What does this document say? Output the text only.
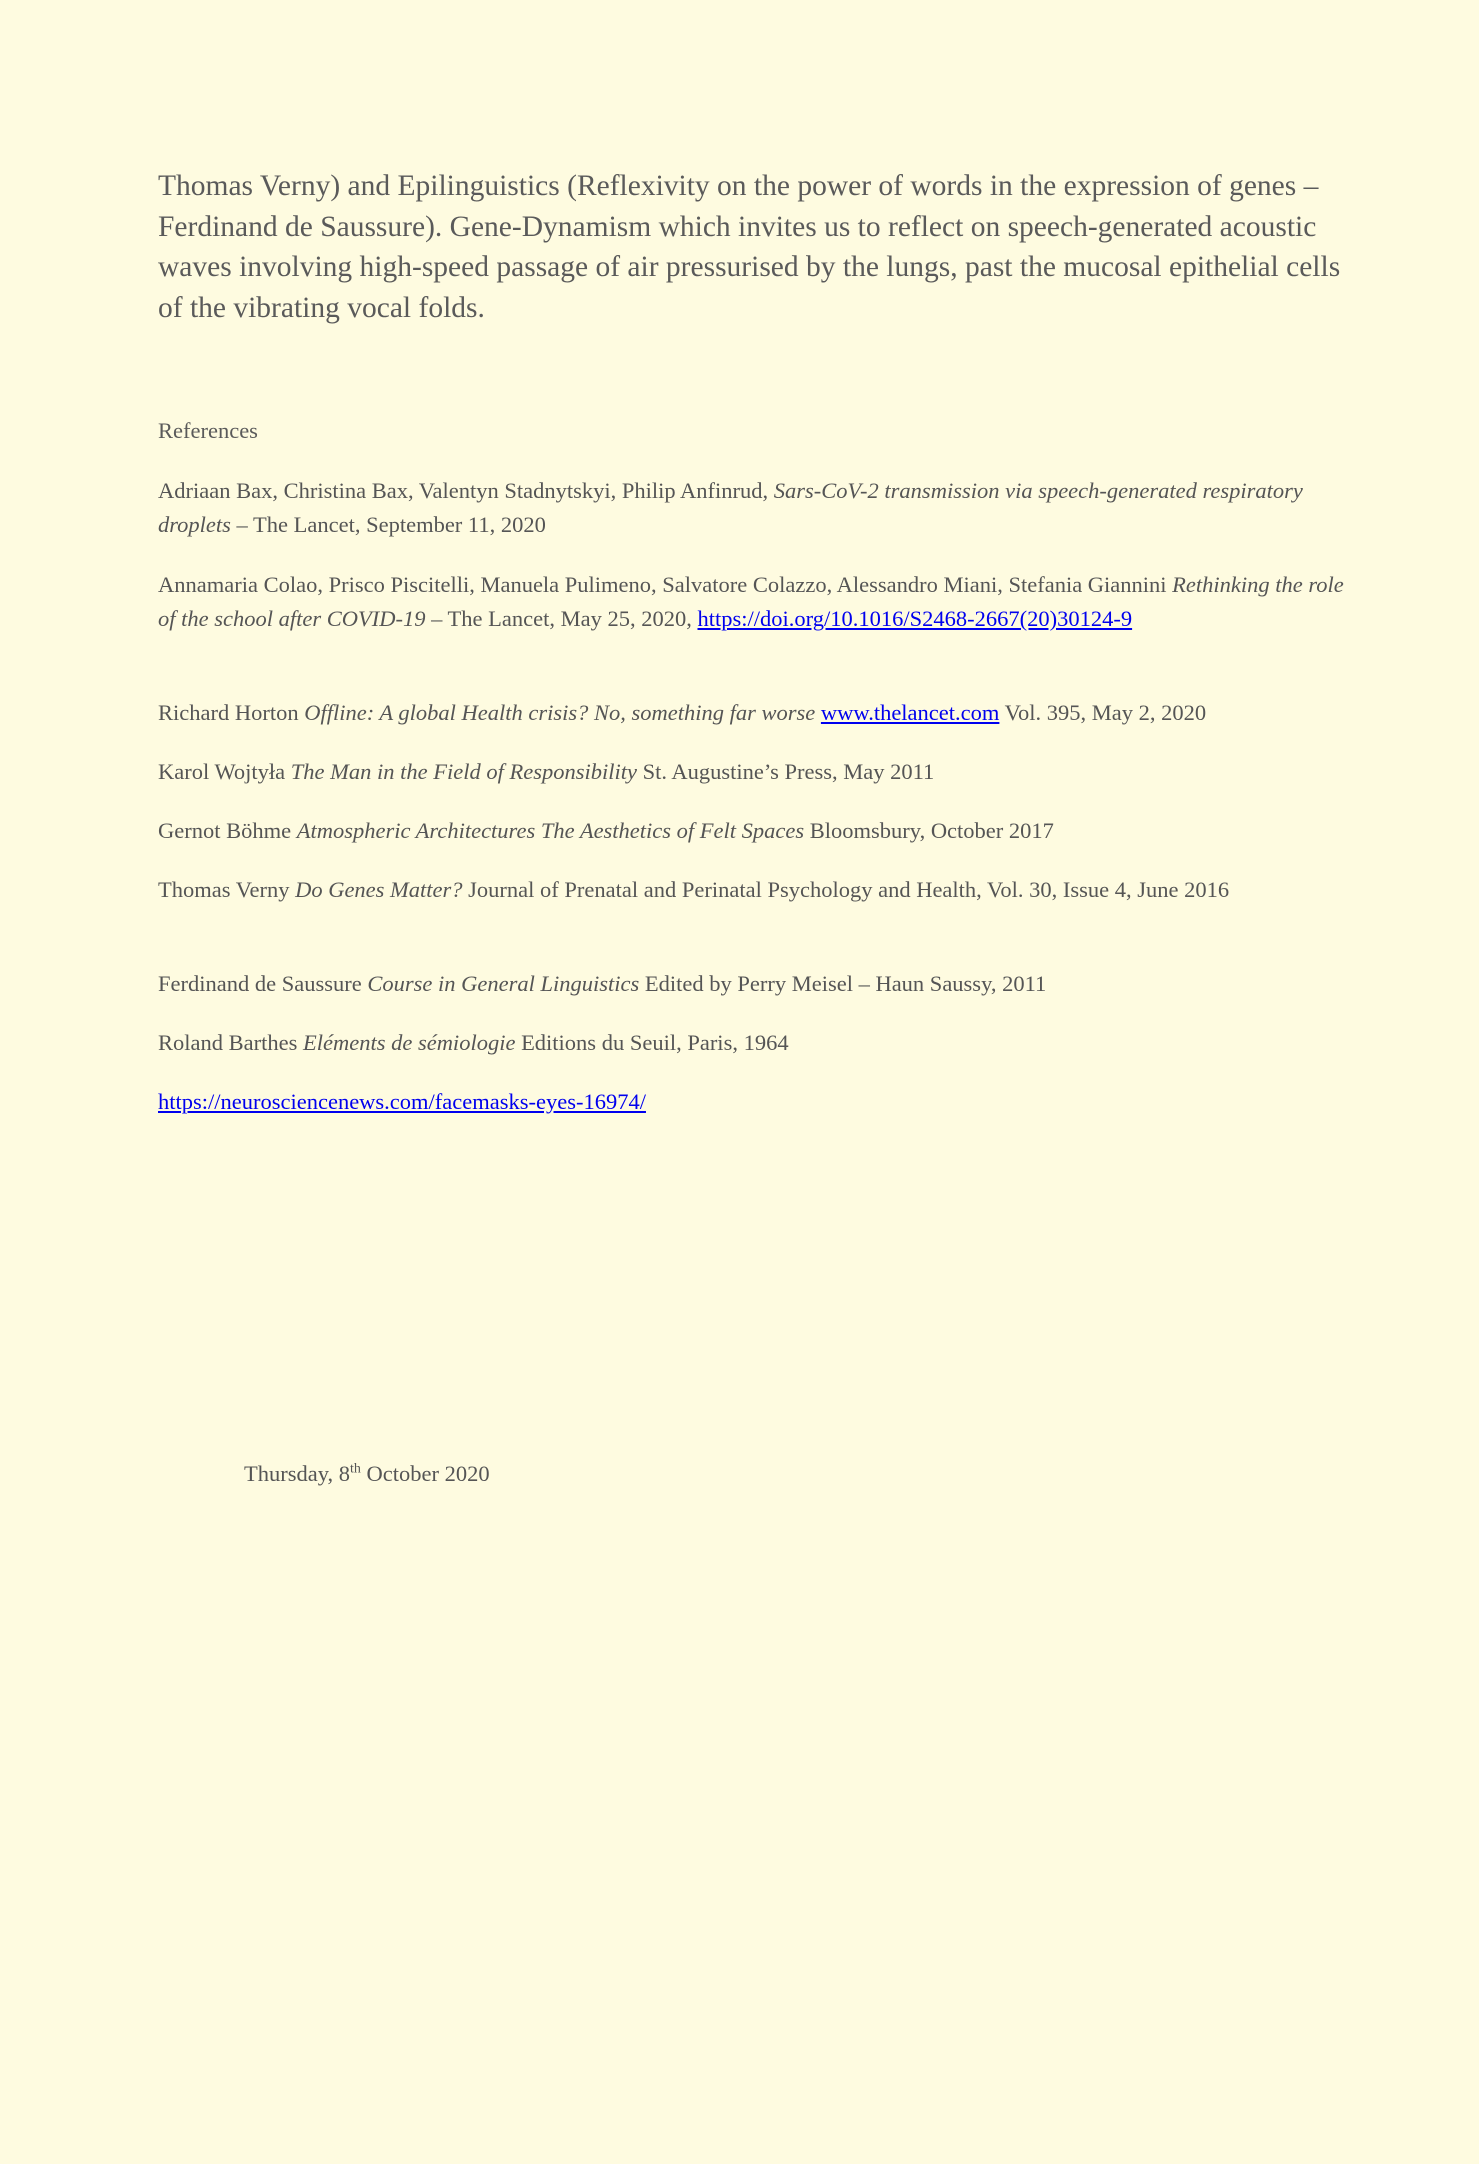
Thomas Verny) and Epilinguistics (Reflexivity on the power of words in the expression of genes – Ferdinand de Saussure). Gene-Dynamism which invites us to reflect on speech-generated acoustic waves involving high-speed passage of air pressurised by the lungs, past the mucosal epithelial cells of the vibrating vocal folds.

References

Adriaan Bax, Christina Bax, Valentyn Stadnytskyi, Philip Anfinrud, Sars-CoV-2 transmission via speech-generated respiratory droplets – The Lancet, September 11, 2020

Annamaria Colao, Prisco Piscitelli, Manuela Pulimeno, Salvatore Colazzo, Alessandro Miani, Stefania Giannini Rethinking the role of the school after COVID-19 – The Lancet, May 25, 2020, https://doi.org/10.1016/S2468-2667(20)30124-9

Richard Horton Offline: A global Health crisis? No, something far worse www.thelancet.com Vol. 395, May 2, 2020

Karol Wojtyła The Man in the Field of Responsibility St. Augustine’s Press, May 2011

Gernot Böhme Atmospheric Architectures The Aesthetics of Felt Spaces Bloomsbury, October 2017

Thomas Verny Do Genes Matter? Journal of Prenatal and Perinatal Psychology and Health, Vol. 30, Issue 4, June 2016

Ferdinand de Saussure Course in General Linguistics Edited by Perry Meisel – Haun Saussy, 2011

Roland Barthes Eléments de sémiologie Editions du Seuil, Paris, 1964

https://neurosciencenews.com/facemasks-eyes-16974/

Thursday, 8th October 2020
